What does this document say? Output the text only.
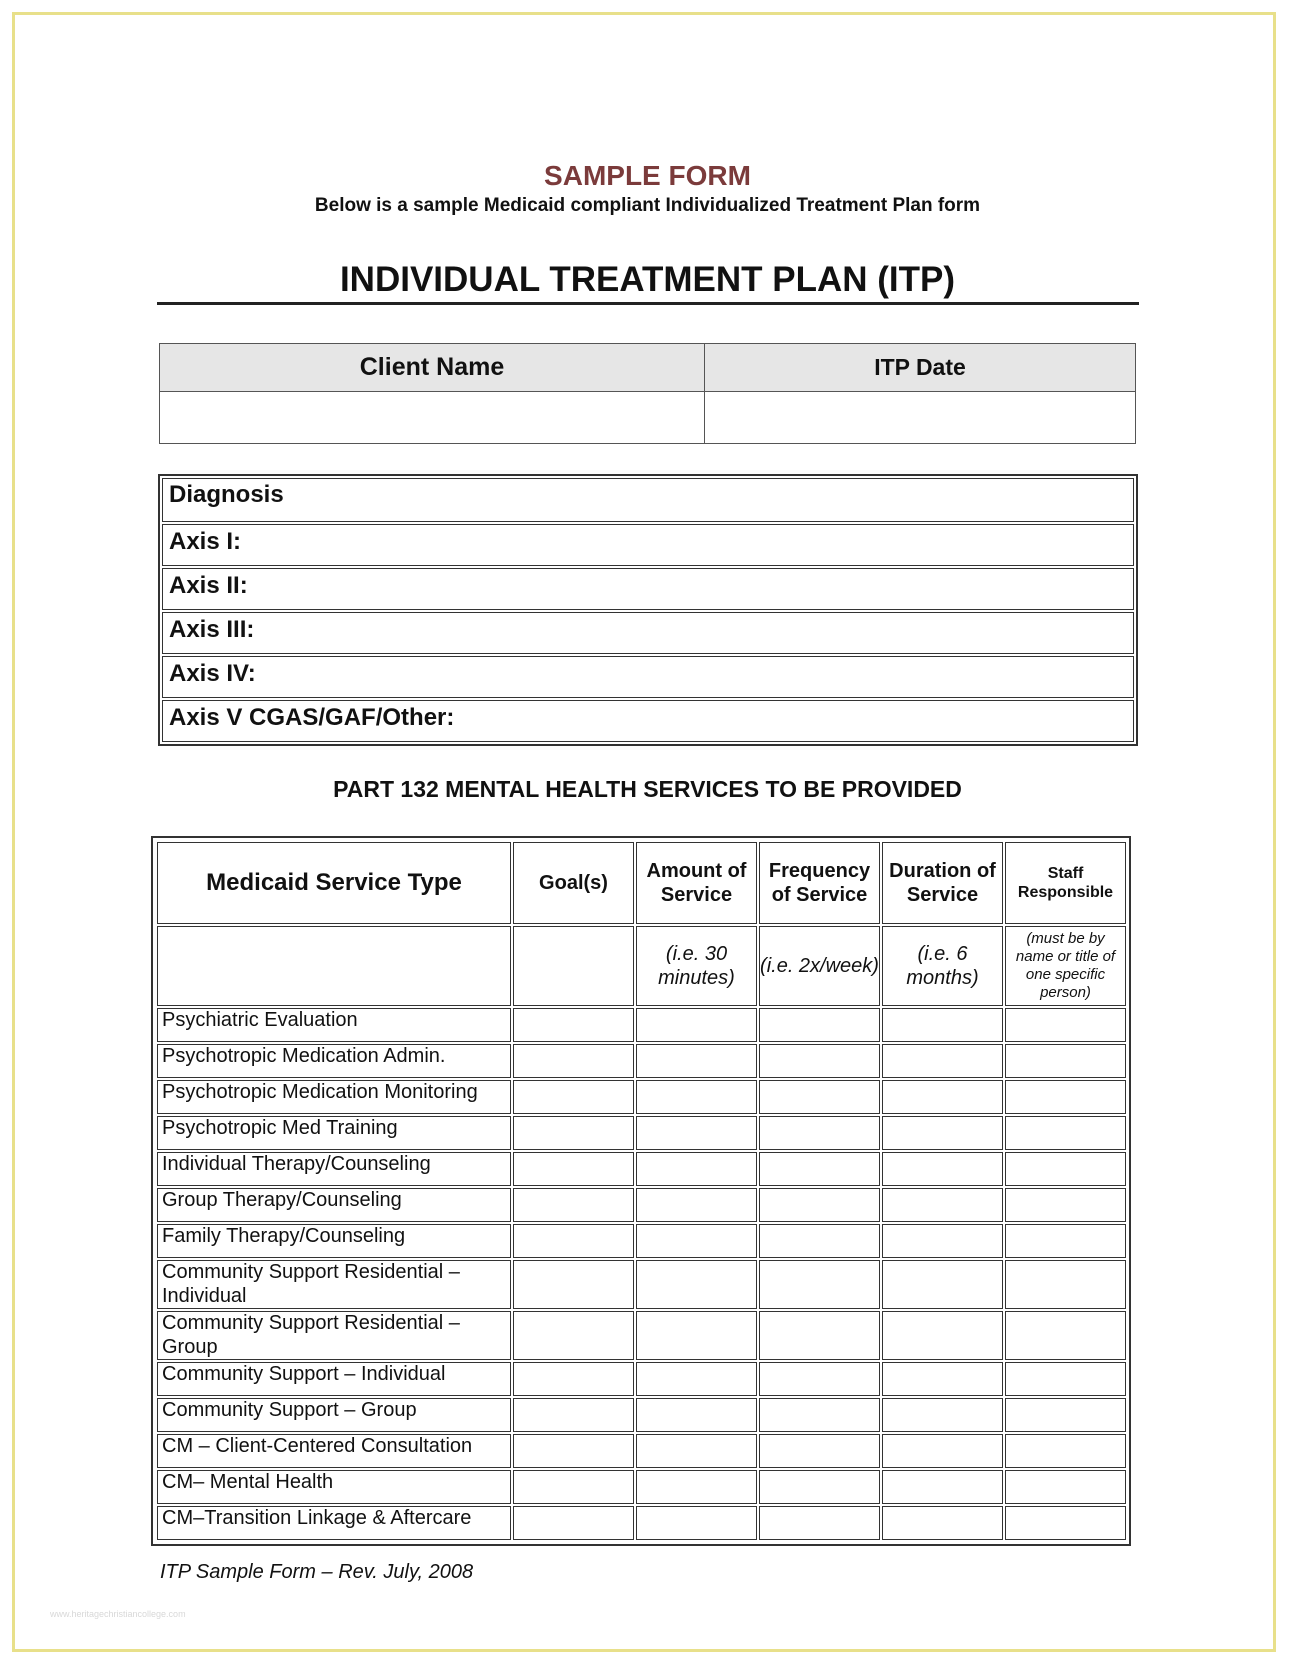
SAMPLE FORM
Below is a sample Medicaid compliant Individualized Treatment Plan form
INDIVIDUAL TREATMENT PLAN (ITP)
Client Name	ITP Date

Diagnosis
Axis I:
Axis II:
Axis III:
Axis IV:
Axis V CGAS/GAF/Other:
PART 132 MENTAL HEALTH SERVICES TO BE PROVIDED
Medicaid Service Type	Goal(s)	Amount of Service	Frequency of Service	Duration of Service	Staff Responsible
		(i.e. 30 minutes)	(i.e. 2x/week)	(i.e. 6 months)	(must be by name or title of one specific person)
Psychiatric Evaluation					
Psychotropic Medication Admin.					
Psychotropic Medication Monitoring					
Psychotropic Med Training					
Individual Therapy/Counseling					
Group Therapy/Counseling					
Family Therapy/Counseling					
Community Support Residential – Individual					
Community Support Residential – Group					
Community Support – Individual					
Community Support – Group					
CM – Client-Centered Consultation					
CM– Mental Health					
CM–Transition Linkage & Aftercare					
ITP Sample Form – Rev. July, 2008
www.heritagechristiancollege.com
